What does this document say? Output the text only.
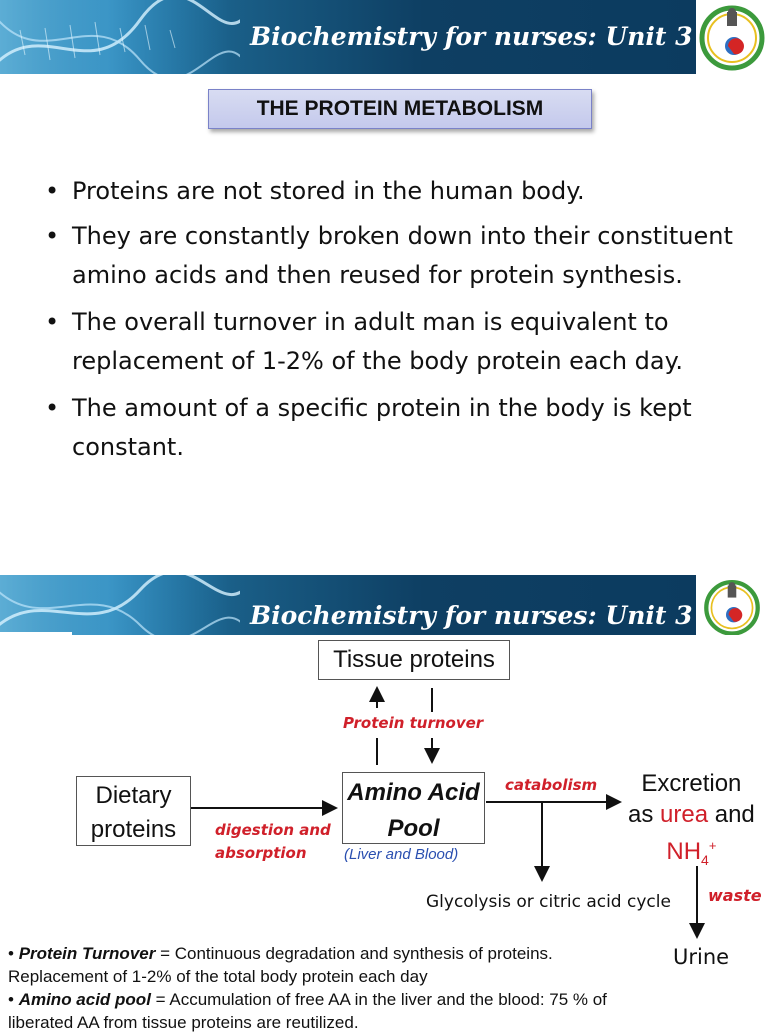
Biochemistry for nurses: Unit 3
THE PROTEIN METABOLISM
• Proteins are not stored in the human body.
• They are constantly broken down into their constituent amino acids and then reused for protein synthesis.
• The overall turnover in adult man is equivalent to replacement of 1-2% of the body protein each day.
• The amount of a specific protein in the body is kept constant.
Biochemistry for nurses: Unit 3
Tissue proteins
Protein turnover
Dietary
proteins	digestion and
absorption
Amino Acid
Pool
(Liver and Blood)
catabolism	Excretion
as urea and
$NH_4^+$
Glycolysis or citric acid cycle waste
Urine
• Protein Turnover = Continuous degradation and synthesis of proteins.
Replacement of 1-2% of the total body protein each day
• Amino acid pool = Accumulation of free AA in the liver and the blood: 75 % of
liberated AA from tissue proteins are reutilized.
